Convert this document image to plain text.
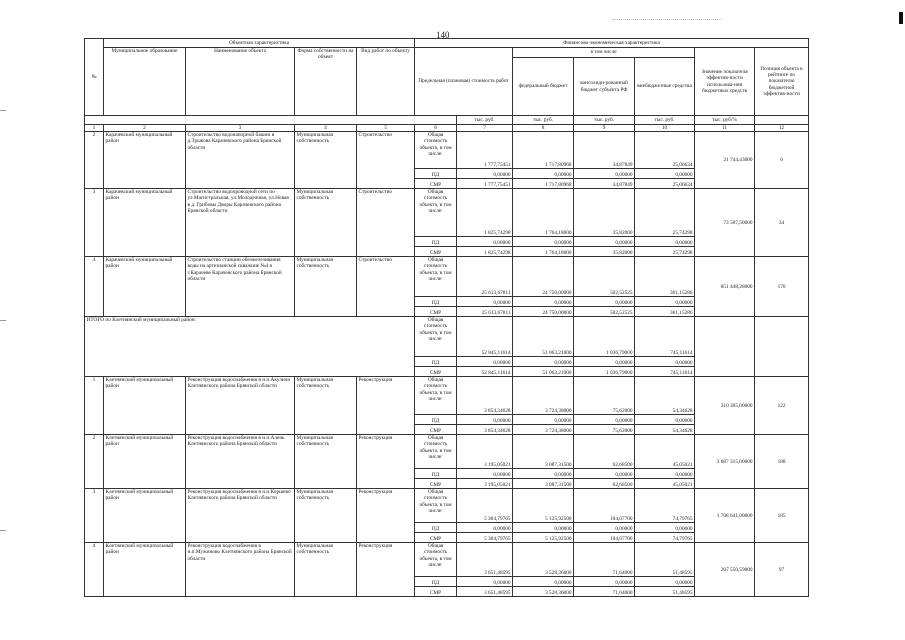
140
№	Объектная характеристика				Финансово-экономическая характеристика						
	Муниципальное образование	Наименование объекта	Форма собственности на объект	Вид работ по объекту	Предельная (плановая) стоимость работ		в том числе			Значение показателя эффектив-ности использова-ния бюджетных средств	Позиция объекта в рейтинге по показателю бюджетной эффектив-ности
							федеральный бюджет	консолиди-рованный бюджет субъекта РФ	внебюджетные средства		
						тыс. руб.	тыс. руб.	тыс. руб.	тыс. руб.	тыс. руб/%	
1	2	3	4	5	6	7	8	9	10	11	12
2	Карачевский муниципальный район	Строительство водонапорной башни в д.Трыкова Карачевского района Брянской области	Муниципальная собственность	Строительство	Общая стоимость объекта, в том числе:	1 777,75451	1 717,80968	34,87849	25,06634	21 744,43000	6
					ПД	0,00000	0,00000	0,00000	0,00000		
					СМР	1 777,75451	1 717,80968	34,87849	25,06634		
3	Карачевский муниципальный район	Строительство водопроводной сети по ул.Магистральная, ул.Молодежная, ул.Новая в д. Грибовы Дворы Карачевского района Брянской области	Муниципальная собственность	Строительство	Общая стоимость объекта, в том числе:	1 825,74298	1 764,18000	35,82000	25,74298	73 507,50000	34
					ПД	0,00000	0,00000	0,00000	0,00000		
					СМР	1 825,74298	1 764,18000	35,82000	25,74298		
4	Карачевский муниципальный район	Строительство станции обезжелезивания воды на артезианской скважине №4 в г.Карачеве Карачевского района Брянской области	Муниципальная собственность	Строительство	Общая стоимость объекта, в том числе:	25 613,67811	24 750,00000	502,52525	361,15286	851 448,28000	170
					ПД	0,00000	0,00000	0,00000	0,00000		
					СМР	25 613,67811	24 750,00000	502,52525	361,15286		
ИТОГО по Клетнянский муниципальный район:					Общая стоимость объекта, в том числе:	52 845,11614	51 063,21000	1 036,79000	745,11614		
					ПД	0,00000	0,00000	0,00000	0,00000		
					СМР	52 845,11614	51 063,21000	1 036,79000	745,11614		
1	Клетнянский муниципальный район	Реконструкция водоснабжения в н.п.Акуличи Клетнянского района Брянской области	Муниципальная собственность	Реконструкция	Общая стоимость объекта, в том числе:	3 854,34628	3 724,38000	75,62000	54,34628	310 365,00000	122
					ПД	0,00000	0,00000	0,00000	0,00000		
					СМР	3 854,34628	3 724,38000	75,62000	54,34628		
2	Клетнянский муниципальный район	Реконструкция водоснабжения в н.п.Алень Клетнянского района Брянской области	Муниципальная собственность	Реконструкция	Общая стоимость объекта, в том числе:	3 195,05021	3 087,31500	62,68500	45,05021	3 087 315,00000	188
					ПД	0,00000	0,00000	0,00000	0,00000		
					СМР	3 195,05021	3 087,31500	62,68500	45,05021		
3	Клетнянский муниципальный район	Реконструкция водоснабжения в н.п.Коршево Клетнянского района Брянской области	Муниципальная собственность	Реконструкция	Общая стоимость объекта, в том числе:	5 304,79765	5 125,92500	104,07700	74,79765	1 708 641,00000	185
					ПД	0,00000	0,00000	0,00000	0,00000		
					СМР	5 304,79765	5 125,92500	104,07700	74,79765		
4	Клетнянский муниципальный район	Реконструкция водоснабжения в н.п.Мужиново Клетнянского района Брянской области	Муниципальная собственность	Реконструкция	Общая стоимость объекта, в том числе:	3 651,48595	3 528,36000	71,64000	51,48595	207 550,59000	97
					ПД	0,00000	0,00000	0,00000	0,00000		
					СМР	3 651,48595	3 528,36000	71,64000	51,48595		
